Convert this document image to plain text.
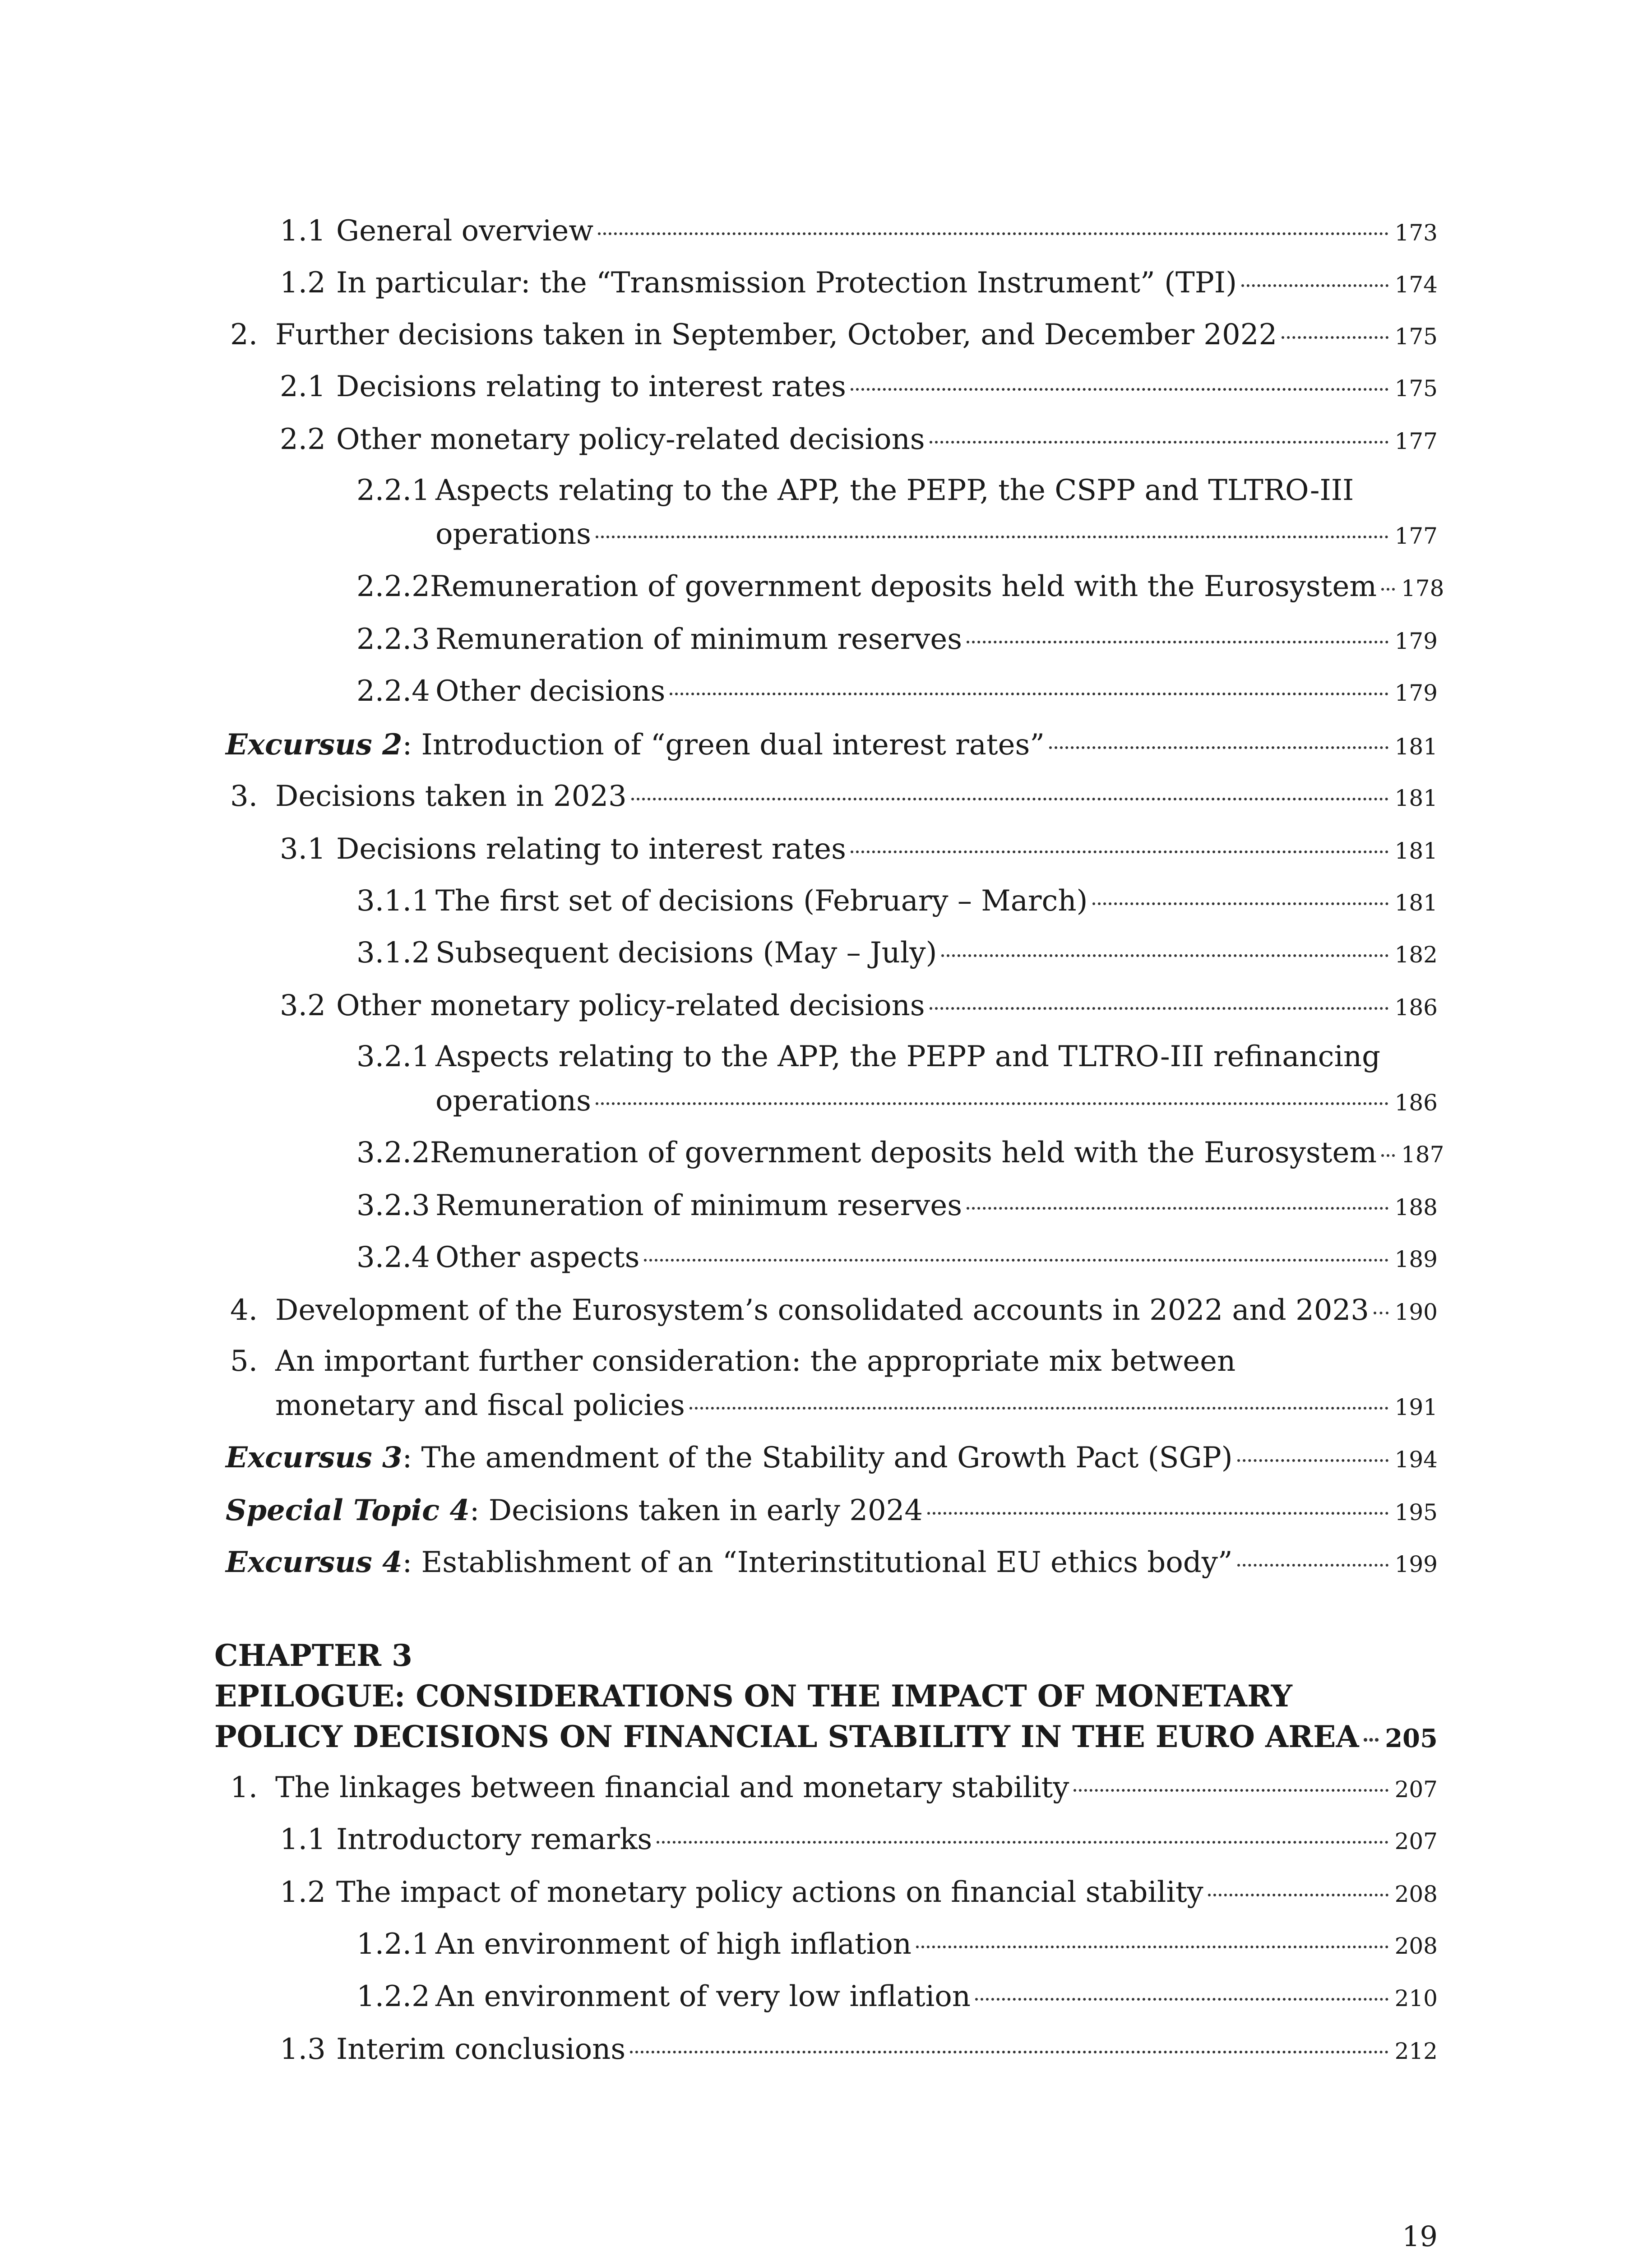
1.1 General overview	173
1.2 In particular: the “Transmission Protection Instrument” (TPI)	174
2. Further decisions taken in September, October, and December 2022	175
2.1 Decisions relating to interest rates	175
2.2 Other monetary policy-related decisions	177
2.2.1 Aspects relating to the APP, the PEPP, the CSPP and TLTRO-III
operations	177
2.2.2 Remuneration of government deposits held with the Eurosystem 178
2.2.3 Remuneration of minimum reserves	179
2.2.4 Other decisions	179
Excursus 2 : Introduction of “green dual interest rates”	181
3. Decisions taken in 2023	181
3.1 Decisions relating to interest rates	181
3.1.1 The first set of decisions (February – March)	181
3.1.2 Subsequent decisions (May – July)	182
3.2 Other monetary policy-related decisions	186
3.2.1 Aspects relating to the APP, the PEPP and TLTRO-III refinancing
operations	186
3.2.2 Remuneration of government deposits held with the Eurosystem 187
3.2.3 Remuneration of minimum reserves	188
3.2.4 Other aspects	189
4. Development of the Eurosystem’s consolidated accounts in 2022 and 2023 190
5. An important further consideration: the appropriate mix between
monetary and fiscal policies	191
Excursus 3 : The amendment of the Stability and Growth Pact (SGP)	194
Special Topic 4 : Decisions taken in early 2024	195
Excursus 4 : Establishment of an “Interinstitutional EU ethics body”	199
CHAPTER 3
EPILOGUE: CONSIDERATIONS ON THE IMPACT OF MONETARY
POLICY DECISIONS ON FINANCIAL STABILITY IN THE EURO AREA 205
1. The linkages between financial and monetary stability	207
1.1 Introductory remarks	207
1.2 The impact of monetary policy actions on financial stability	208
1.2.1 An environment of high inflation	208
1.2.2 An environment of very low inflation	210
1.3 Interim conclusions	212
19
